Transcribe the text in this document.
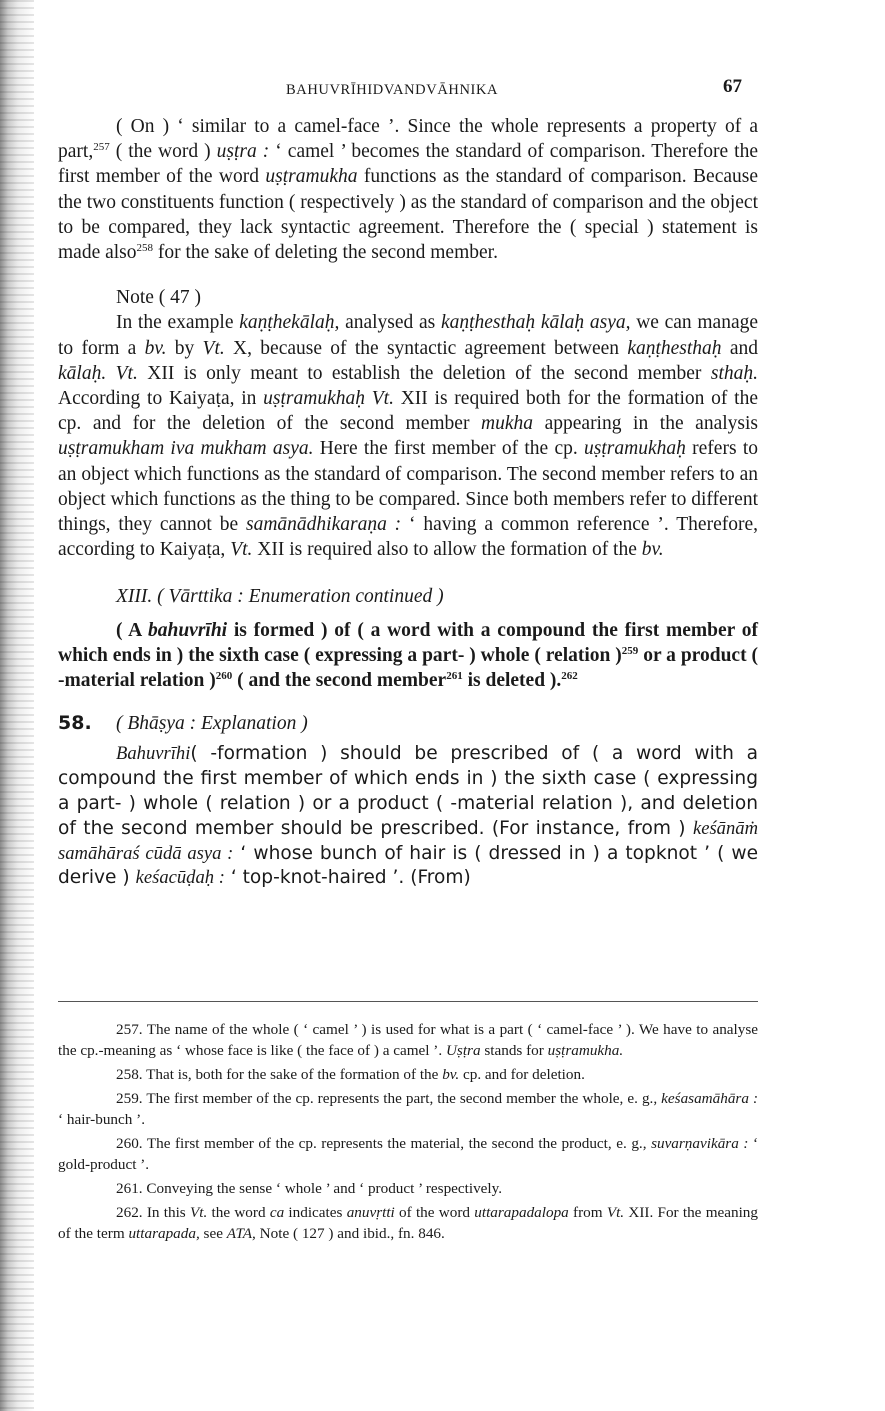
BAHUVRĪHIDVANDVĀHNIKA	67

( On ) ‘ similar to a camel-face ’. Since the whole represents a property of a part,$^{257}$ ( the word ) uṣṭra : ‘ camel ’ becomes the standard of comparison. Therefore the first member of the word uṣṭramukha functions as the standard of comparison. Because the two constituents function ( respectively ) as the standard of comparison and the object to be compared, they lack syntactic agreement. Therefore the ( special ) statement is made also$^{258}$ for the sake of deleting the second member.

Note ( 47 )

In the example kaṇṭhekālaḥ, analysed as kaṇṭhesthaḥ kālaḥ asya, we can manage to form a bv. by Vt. X, because of the syntactic agreement between kaṇṭhesthaḥ and kālaḥ. Vt. XII is only meant to establish the deletion of the second member sthaḥ. According to Kaiyaṭa, in uṣṭramukhaḥ Vt. XII is required both for the formation of the cp. and for the deletion of the second member mukha appearing in the analysis uṣṭramukham iva mukham asya. Here the first member of the cp. uṣṭramukhaḥ refers to an object which functions as the standard of comparison. The second member refers to an object which functions as the thing to be compared. Since both members refer to different things, they cannot be samānādhikaraṇa : ‘ having a common reference ’. Therefore, according to Kaiyaṭa, Vt. XII is required also to allow the formation of the bv.

XIII. ( Vārttika : Enumeration continued )

( A bahuvrīhi is formed ) of ( a word with a compound the first member of which ends in ) the sixth case ( expressing a part- ) whole ( relation )$^{259}$ or a product ( -material relation )$^{260}$ ( and the second member$^{261}$ is deleted ).$^{262}$

58. ( Bhāṣya : Explanation )

Bahuvrīhi( -formation ) should be prescribed of ( a word with a compound the first member of which ends in ) the sixth case ( expressing a part- ) whole ( relation ) or a product ( -material relation ), and deletion of the second member should be prescribed. (For instance, from ) keśānāṁ samāhāraś cūdā asya : ‘ whose bunch of hair is ( dressed in ) a topknot ’ ( we derive ) keśacūḍaḥ : ‘ top-knot-haired ’. (From)

257. The name of the whole ( ‘ camel ’ ) is used for what is a part ( ‘ camel-face ’ ). We have to analyse the cp.-meaning as ‘ whose face is like ( the face of ) a camel ’. Uṣṭra stands for uṣṭramukha.

258. That is, both for the sake of the formation of the bv. cp. and for deletion.

259. The first member of the cp. represents the part, the second member the whole, e. g., keśasamāhāra : ‘ hair-bunch ’.

260. The first member of the cp. represents the material, the second the product, e. g., suvarṇavikāra : ‘ gold-product ’.

261. Conveying the sense ‘ whole ’ and ‘ product ’ respectively.

262. In this Vt. the word ca indicates anuvṛtti of the word uttarapadalopa from Vt. XII. For the meaning of the term uttarapada, see ATA, Note ( 127 ) and ibid., fn. 846.
